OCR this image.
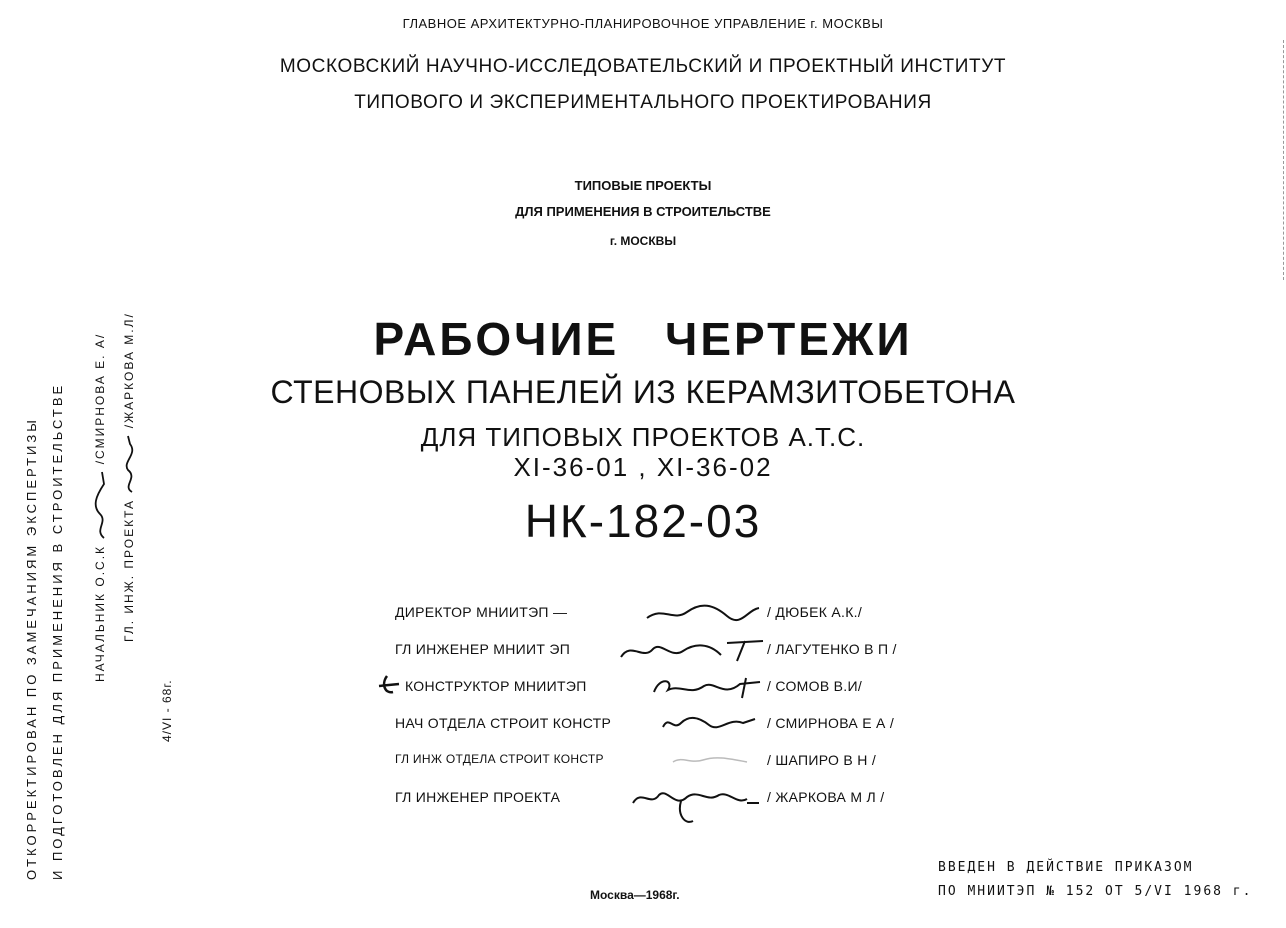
ГЛАВНОЕ АРХИТЕКТУРНО-ПЛАНИРОВОЧНОЕ УПРАВЛЕНИЕ г. МОСКВЫ
МОСКОВСКИЙ НАУЧНО-ИССЛЕДОВАТЕЛЬСКИЙ И ПРОЕКТНЫЙ ИНСТИТУТ
ТИПОВОГО И ЭКСПЕРИМЕНТАЛЬНОГО ПРОЕКТИРОВАНИЯ
ТИПОВЫЕ ПРОЕКТЫ
ДЛЯ ПРИМЕНЕНИЯ В СТРОИТЕЛЬСТВЕ
г. МОСКВЫ
РАБОЧИЕ ЧЕРТЕЖИ
СТЕНОВЫХ ПАНЕЛЕЙ ИЗ КЕРАМЗИТОБЕТОНА
ДЛЯ ТИПОВЫХ ПРОЕКТОВ А.Т.С.
XI-36-01 , XI-36-02
НК-182-03
ДИРЕКТОР МНИИТЭП —	/ ДЮБЕК А.К./
ГЛ ИНЖЕНЕР МНИИТ ЭП	/ ЛАГУТЕНКО В П /
КОНСТРУКТОР МНИИТЭП	/ СОМОВ В.И/
НАЧ ОТДЕЛА СТРОИТ КОНСТР	/ СМИРНОВА Е А /
ГЛ ИНЖ ОТДЕЛА СТРОИТ КОНСТР	/ ШАПИРО В Н /
ГЛ ИНЖЕНЕР ПРОЕКТА	/ ЖАРКОВА М Л /
ОТКОРРЕКТИРОВАН ПО ЗАМЕЧАНИЯМ ЭКСПЕРТИЗЫ И ПОДГОТОВЛЕН ДЛЯ ПРИМЕНЕНИЯ В СТРОИТЕЛЬСТВЕ НАЧАЛЬНИК О.С.К  /СМИРНОВА Е. А/
ГЛ. ИНЖ. ПРОЕКТА  /ЖАРКОВА М.Л/
4/VI - 68г.
Москва—1968г.
ВВЕДЕН В ДЕЙСТВИЕ ПРИКАЗОМ
ПО МНИИТЭП № 152 ОТ 5/VI 1968 г.
